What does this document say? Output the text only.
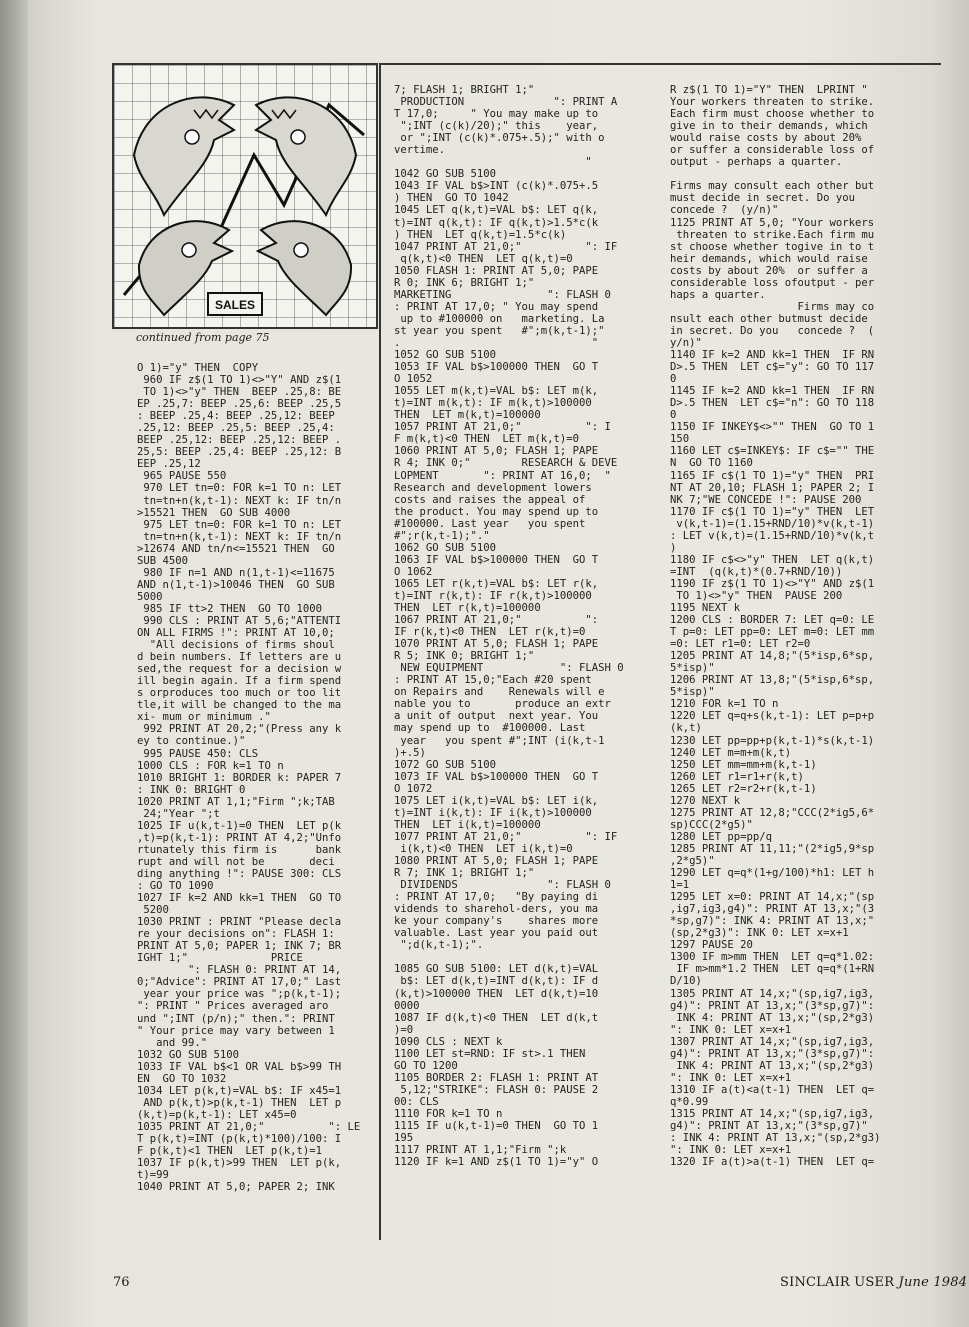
SALES
continued from page 75
O 1)="y" THEN  COPY
960 IF z$(1 TO 1)<>"Y" AND z$(1
TO 1)<>"y" THEN  BEEP .25,8: BE
EP .25,7: BEEP .25,6: BEEP .25,5
: BEEP .25,4: BEEP .25,12: BEEP
.25,12: BEEP .25,5: BEEP .25,4:
BEEP .25,12: BEEP .25,12: BEEP .
25,5: BEEP .25,4: BEEP .25,12: B
EEP .25,12
965 PAUSE 550
970 LET tn=0: FOR k=1 TO n: LET
tn=tn+n(k,t-1): NEXT k: IF tn/n
>15521 THEN  GO SUB 4000
975 LET tn=0: FOR k=1 TO n: LET
tn=tn+n(k,t-1): NEXT k: IF tn/n
>12674 AND tn/n<=15521 THEN  GO
SUB 4500
980 IF n=1 AND n(1,t-1)<=11675
AND n(1,t-1)>10046 THEN  GO SUB
5000
985 IF tt>2 THEN  GO TO 1000
990 CLS : PRINT AT 5,6;"ATTENTI
ON ALL FIRMS !": PRINT AT 10,0;
"All decisions of firms shoul
d bein numbers. If letters are u
sed,the request for a decision w
ill begin again. If a firm spend
s orproduces too much or too lit
tle,it will be changed to the ma
xi- mum or minimum ."
992 PRINT AT 20,2;"(Press any k
ey to continue.)"
995 PAUSE 450: CLS
1000 CLS : FOR k=1 TO n
1010 BRIGHT 1: BORDER k: PAPER 7
: INK 0: BRIGHT 0
1020 PRINT AT 1,1;"Firm ";k;TAB
24;"Year ";t
1025 IF u(k,t-1)=0 THEN  LET p(k
,t)=p(k,t-1): PRINT AT 4,2;"Unfo
rtunately this firm is      bank
rupt and will not be       deci
ding anything !": PAUSE 300: CLS
: GO TO 1090
1027 IF k=2 AND kk=1 THEN  GO TO
5200
1030 PRINT : PRINT "Please decla
re your decisions on": FLASH 1:
PRINT AT 5,0; PAPER 1; INK 7; BR
IGHT 1;"             PRICE
": FLASH 0: PRINT AT 14,
0;"Advice": PRINT AT 17,0;" Last
year your price was ";p(k,t-1);
": PRINT " Prices averaged aro
und ";INT (p/n);" then.": PRINT
" Your price may vary between 1
and 99."
1032 GO SUB 5100
1033 IF VAL b$<1 OR VAL b$>99 TH
EN  GO TO 1032
1034 LET p(k,t)=VAL b$: IF x45=1
AND p(k,t)>p(k,t-1) THEN  LET p
(k,t)=p(k,t-1): LET x45=0
1035 PRINT AT 21,0;"          ": LE
T p(k,t)=INT (p(k,t)*100)/100: I
F p(k,t)<1 THEN  LET p(k,t)=1
1037 IF p(k,t)>99 THEN  LET p(k,
t)=99
1040 PRINT AT 5,0; PAPER 2; INK
7; FLASH 1; BRIGHT 1;"
PRODUCTION              ": PRINT A
T 17,0;     " You may make up to
";INT (c(k)/20);" this    year,
or ";INT (c(k)*.075+.5);" with o
vertime.
"
1042 GO SUB 5100
1043 IF VAL b$>INT (c(k)*.075+.5
) THEN  GO TO 1042
1045 LET q(k,t)=VAL b$: LET q(k,
t)=INT q(k,t): IF q(k,t)>1.5*c(k
) THEN  LET q(k,t)=1.5*c(k)
1047 PRINT AT 21,0;"          ": IF
q(k,t)<0 THEN  LET q(k,t)=0
1050 FLASH 1: PRINT AT 5,0; PAPE
R 0; INK 6; BRIGHT 1;"
MARKETING               ": FLASH 0
: PRINT AT 17,0; " You may spend
up to #100000 on   marketing. La
st year you spent   #";m(k,t-1);"
.                              "
1052 GO SUB 5100
1053 IF VAL b$>100000 THEN  GO T
O 1052
1055 LET m(k,t)=VAL b$: LET m(k,
t)=INT m(k,t): IF m(k,t)>100000
THEN  LET m(k,t)=100000
1057 PRINT AT 21,0;"          ": I
F m(k,t)<0 THEN  LET m(k,t)=0
1060 PRINT AT 5,0; FLASH 1; PAPE
R 4; INK 0;"        RESEARCH & DEVE
LOPMENT       ": PRINT AT 16,0;  "
Research and development lowers
costs and raises the appeal of
the product. You may spend up to
#100000. Last year   you spent
#";r(k,t-1);"."
1062 GO SUB 5100
1063 IF VAL b$>100000 THEN  GO T
O 1062
1065 LET r(k,t)=VAL b$: LET r(k,
t)=INT r(k,t): IF r(k,t)>100000
THEN  LET r(k,t)=100000
1067 PRINT AT 21,0;"          ":
IF r(k,t)<0 THEN  LET r(k,t)=0
1070 PRINT AT 5,0; FLASH 1; PAPE
R 5; INK 0; BRIGHT 1;"
NEW EQUIPMENT            ": FLASH 0
: PRINT AT 15,0;"Each #20 spent
on Repairs and    Renewals will e
nable you to       produce an extr
a unit of output  next year. You
may spend up to  #100000. Last
year   you spent #";INT (i(k,t-1
)+.5)
1072 GO SUB 5100
1073 IF VAL b$>100000 THEN  GO T
O 1072
1075 LET i(k,t)=VAL b$: LET i(k,
t)=INT i(k,t): IF i(k,t)>100000
THEN  LET i(k,t)=100000
1077 PRINT AT 21,0;"          ": IF
i(k,t)<0 THEN  LET i(k,t)=0
1080 PRINT AT 5,0; FLASH 1; PAPE
R 7; INK 1; BRIGHT 1;"
DIVIDENDS              ": FLASH 0
: PRINT AT 17,0;   "By paying di
vidends to sharehol-ders, you ma
ke your company's    shares more
valuable. Last year you paid out
";d(k,t-1);".

1085 GO SUB 5100: LET d(k,t)=VAL
b$: LET d(k,t)=INT d(k,t): IF d
(k,t)>100000 THEN  LET d(k,t)=10
0000
1087 IF d(k,t)<0 THEN  LET d(k,t
)=0
1090 CLS : NEXT k
1100 LET st=RND: IF st>.1 THEN
GO TO 1200
1105 BORDER 2: FLASH 1: PRINT AT
5,12;"STRIKE": FLASH 0: PAUSE 2
00: CLS
1110 FOR k=1 TO n
1115 IF u(k,t-1)=0 THEN  GO TO 1
195
1117 PRINT AT 1,1;"Firm ";k
1120 IF k=1 AND z$(1 TO 1)="y" O
R z$(1 TO 1)="Y" THEN  LPRINT "
Your workers threaten to strike.
Each firm must choose whether to
give in to their demands, which
would raise costs by about 20%
or suffer a considerable loss of
output - perhaps a quarter.

Firms may consult each other but
must decide in secret. Do you
concede ?  (y/n)"
1125 PRINT AT 5,0; "Your workers
threaten to strike.Each firm mu
st choose whether togive in to t
heir demands, which would raise
costs by about 20%  or suffer a
considerable loss ofoutput - per
haps a quarter.
Firms may co
nsult each other butmust decide
in secret. Do you   concede ?  (
y/n)"
1140 IF k=2 AND kk=1 THEN  IF RN
D>.5 THEN  LET c$="y": GO TO 117
0
1145 IF k=2 AND kk=1 THEN  IF RN
D>.5 THEN  LET c$="n": GO TO 118
0
1150 IF INKEY$<>"" THEN  GO TO 1
150
1160 LET c$=INKEY$: IF c$="" THE
N  GO TO 1160
1165 IF c$(1 TO 1)="y" THEN  PRI
NT AT 20,10; FLASH 1; PAPER 2; I
NK 7;"WE CONCEDE !": PAUSE 200
1170 IF c$(1 TO 1)="y" THEN  LET
v(k,t-1)=(1.15+RND/10)*v(k,t-1)
: LET v(k,t)=(1.15+RND/10)*v(k,t
)
1180 IF c$<>"y" THEN  LET q(k,t)
=INT  (q(k,t)*(0.7+RND/10))
1190 IF z$(1 TO 1)<>"Y" AND z$(1
TO 1)<>"y" THEN  PAUSE 200
1195 NEXT k
1200 CLS : BORDER 7: LET q=0: LE
T p=0: LET pp=0: LET m=0: LET mm
=0: LET r1=0: LET r2=0
1205 PRINT AT 14,8;"(5*isp,6*sp,
5*isp)"
1206 PRINT AT 13,8;"(5*isp,6*sp,
5*isp)"
1210 FOR k=1 TO n
1220 LET q=q+s(k,t-1): LET p=p+p
(k,t)
1230 LET pp=pp+p(k,t-1)*s(k,t-1)
1240 LET m=m+m(k,t)
1250 LET mm=mm+m(k,t-1)
1260 LET r1=r1+r(k,t)
1265 LET r2=r2+r(k,t-1)
1270 NEXT k
1275 PRINT AT 12,8;"CCC(2*ig5,6*
sp)CCC(2*g5)"
1280 LET pp=pp/q
1285 PRINT AT 11,11;"(2*ig5,9*sp
,2*g5)"
1290 LET q=q*(1+g/100)*h1: LET h
1=1
1295 LET x=0: PRINT AT 14,x;"(sp
,ig7,ig3,g4)": PRINT AT 13,x;"(3
*sp,g7)": INK 4: PRINT AT 13,x;"
(sp,2*g3)": INK 0: LET x=x+1
1297 PAUSE 20
1300 IF m>mm THEN  LET q=q*1.02:
IF m>mm*1.2 THEN  LET q=q*(1+RN
D/10)
1305 PRINT AT 14,x;"(sp,ig7,ig3,
g4)": PRINT AT 13,x;"(3*sp,g7)":
INK 4: PRINT AT 13,x;"(sp,2*g3)
": INK 0: LET x=x+1
1307 PRINT AT 14,x;"(sp,ig7,ig3,
g4)": PRINT AT 13,x;"(3*sp,g7)":
INK 4: PRINT AT 13,x;"(sp,2*g3)
": INK 0: LET x=x+1
1310 IF a(t)<a(t-1) THEN  LET q=
q*0.99
1315 PRINT AT 14,x;"(sp,ig7,ig3,
g4)": PRINT AT 13,x;"(3*sp,g7)"
: INK 4: PRINT AT 13,x;"(sp,2*g3)
": INK 0: LET x=x+1
1320 IF a(t)>a(t-1) THEN  LET q=
76	SINCLAIR USER June 1984
